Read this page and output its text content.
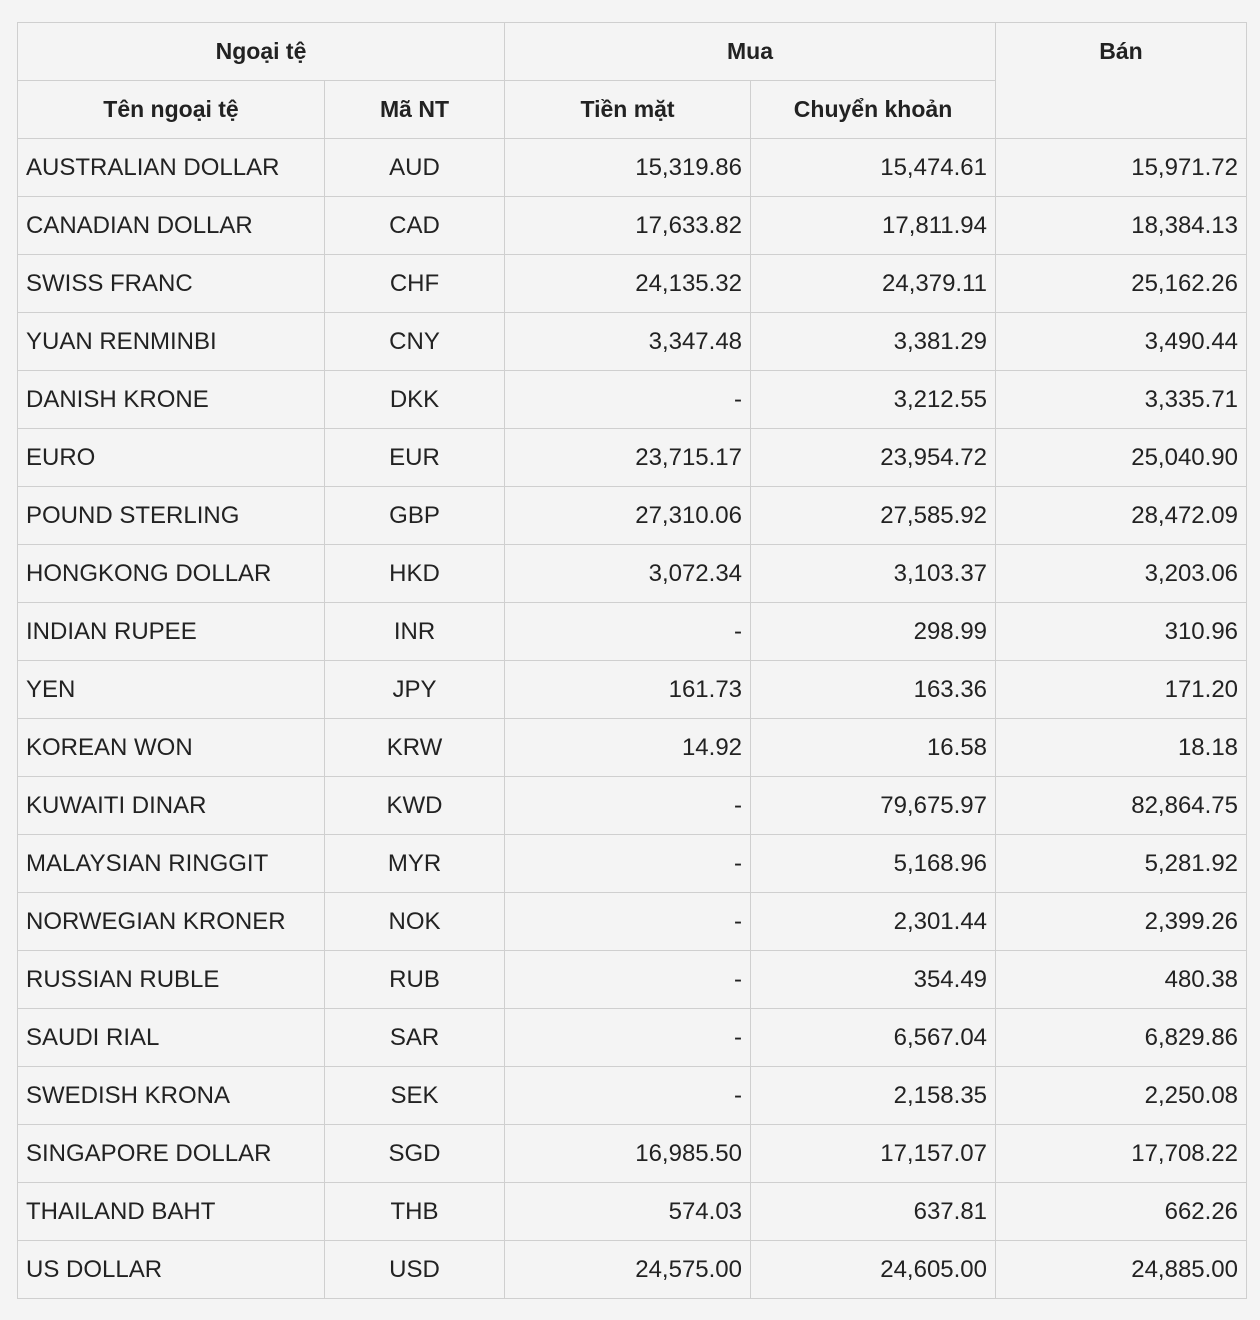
Ngoại tệ		Mua		Bán
Tên ngoại tệ	Mã NT	Tiền mặt	Chuyển khoản	
AUSTRALIAN DOLLAR	AUD	15,319.86	15,474.61	15,971.72
CANADIAN DOLLAR	CAD	17,633.82	17,811.94	18,384.13
SWISS FRANC	CHF	24,135.32	24,379.11	25,162.26
YUAN RENMINBI	CNY	3,347.48	3,381.29	3,490.44
DANISH KRONE	DKK	-	3,212.55	3,335.71
EURO	EUR	23,715.17	23,954.72	25,040.90
POUND STERLING	GBP	27,310.06	27,585.92	28,472.09
HONGKONG DOLLAR	HKD	3,072.34	3,103.37	3,203.06
INDIAN RUPEE	INR	-	298.99	310.96
YEN	JPY	161.73	163.36	171.20
KOREAN WON	KRW	14.92	16.58	18.18
KUWAITI DINAR	KWD	-	79,675.97	82,864.75
MALAYSIAN RINGGIT	MYR	-	5,168.96	5,281.92
NORWEGIAN KRONER	NOK	-	2,301.44	2,399.26
RUSSIAN RUBLE	RUB	-	354.49	480.38
SAUDI RIAL	SAR	-	6,567.04	6,829.86
SWEDISH KRONA	SEK	-	2,158.35	2,250.08
SINGAPORE DOLLAR	SGD	16,985.50	17,157.07	17,708.22
THAILAND BAHT	THB	574.03	637.81	662.26
US DOLLAR	USD	24,575.00	24,605.00	24,885.00
